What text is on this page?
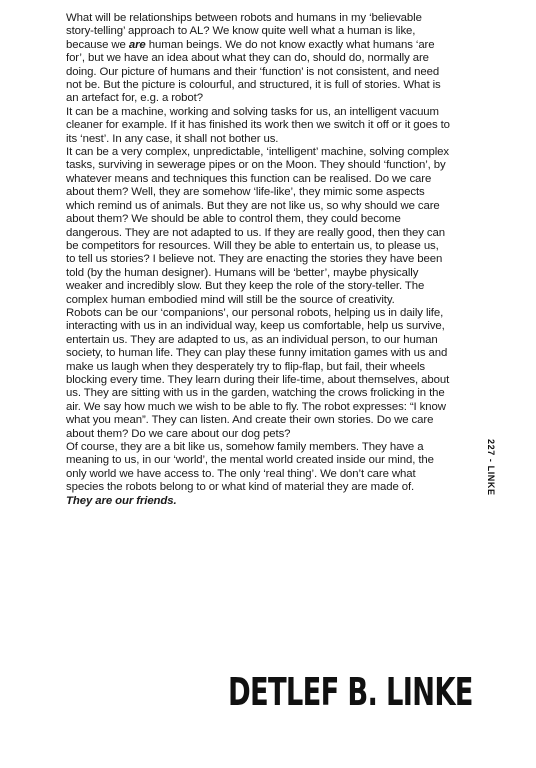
What will be relationships between robots and humans in my ‘believable story-telling’ approach to AL? We know quite well what a human is like, because we are human beings. We do not know exactly what humans ‘are for’, but we have an idea about what they can do, should do, normally are doing. Our picture of humans and their ‘function’ is not consistent, and need not be. But the picture is colourful, and structured, it is full of stories. What is an artefact for, e.g. a robot?

It can be a machine, working and solving tasks for us, an intelligent vacuum cleaner for example. If it has finished its work then we switch it off or it goes to its ‘nest’. In any case, it shall not bother us.

It can be a very complex, unpredictable, ‘intelligent’ machine, solving complex tasks, surviving in sewerage pipes or on the Moon. They should ‘function’, by whatever means and techniques this function can be realised. Do we care about them? Well, they are somehow ‘life-like’, they mimic some aspects which remind us of animals. But they are not like us, so why should we care about them? We should be able to control them, they could become dangerous. They are not adapted to us. If they are really good, then they can be competitors for resources. Will they be able to entertain us, to please us, to tell us stories? I believe not. They are enacting the stories they have been told (by the human designer). Humans will be ‘better’, maybe physically weaker and incredibly slow. But they keep the role of the story-teller. The complex human embodied mind will still be the source of creativity.

Robots can be our ‘companions’, our personal robots, helping us in daily life, interacting with us in an individual way, keep us comfortable, help us survive, entertain us. They are adapted to us, as an individual person, to our human society, to human life. They can play these funny imitation games with us and make us laugh when they desperately try to flip-flap, but fail, their wheels blocking every time. They learn during their life-time, about themselves, about us. They are sitting with us in the garden, watching the crows frolicking in the air. We say how much we wish to be able to fly. The robot expresses: “I know what you mean”. They can listen. And create their own stories. Do we care about them? Do we care about our dog pets?

Of course, they are a bit like us, somehow family members. They have a meaning to us, in our ‘world’, the mental world created inside our mind, the only world we have access to. The only ‘real thing’. We don’t care what species the robots belong to or what kind of material they are made of.

They are our friends.

227 - LINKE
DETLEF B. LINKE
